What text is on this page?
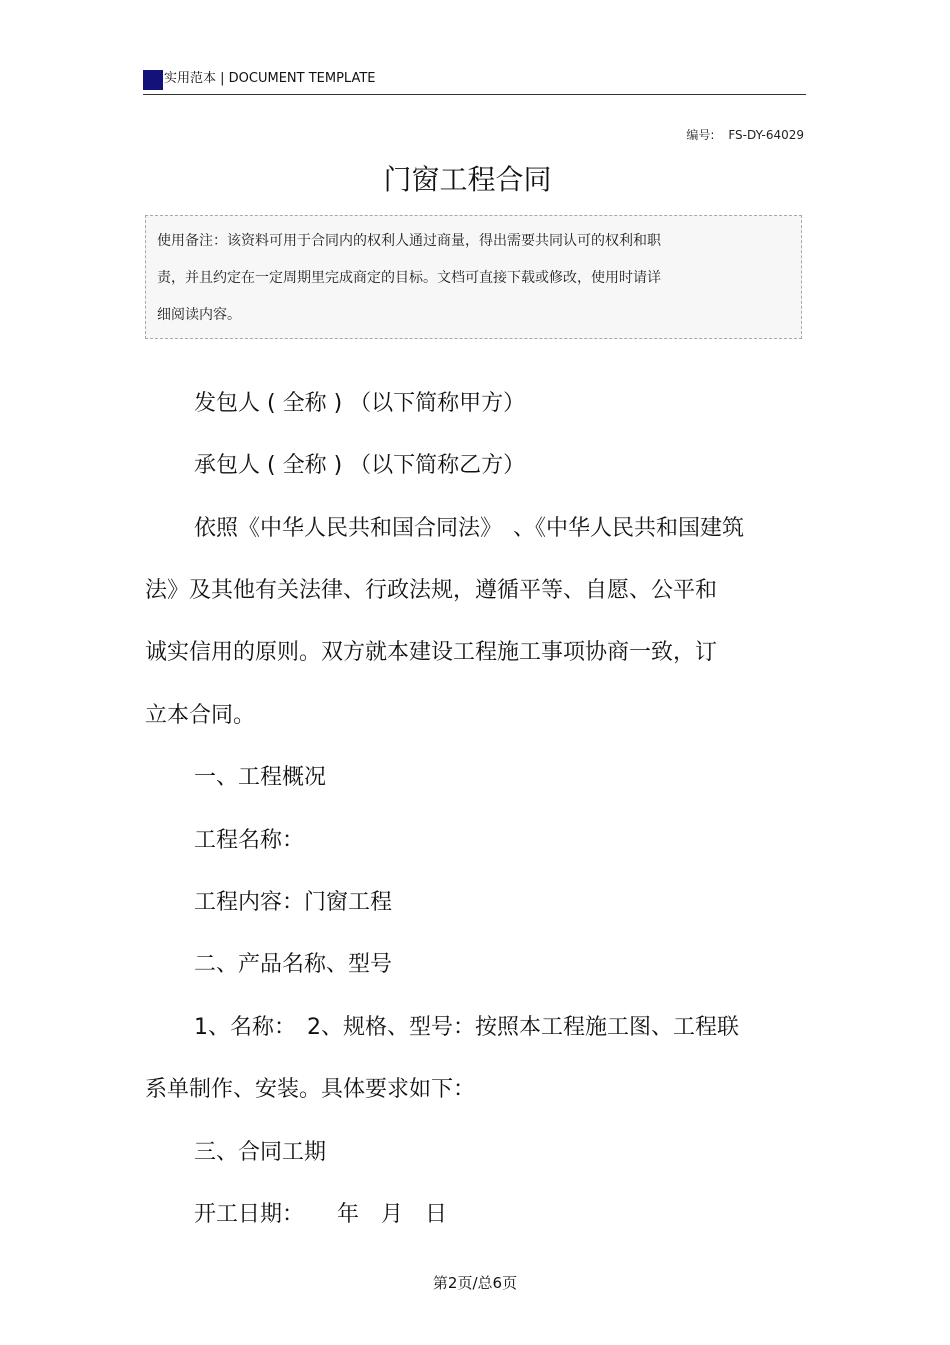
实用范本 | DOCUMENT TEMPLATE
编号: FS-DY-64029
门窗工程合同
使用备注：该资料可用于合同内的权利人通过商量，得出需要共同认可的权利和职
责，并且约定在一定周期里完成商定的目标。文档可直接下载或修改，使用时请详
细阅读内容。
发包人 ( 全称 ) （以下简称甲方）
承包人 ( 全称 ) （以下简称乙方）
依照《中华人民共和国合同法》　、《中华人民共和国建筑
法》及其他有关法律、行政法规，遵循平等、自愿、公平和
诚实信用的原则。双方就本建设工程施工事项协商一致，订
立本合同。
一、工程概况
工程名称：
工程内容：门窗工程
二、产品名称、型号
1、名称：　2、规格、型号：按照本工程施工图、工程联
系单制作、安装。具体要求如下：
三、合同工期
开工日期：　　年　月　日
第2页/总6页
